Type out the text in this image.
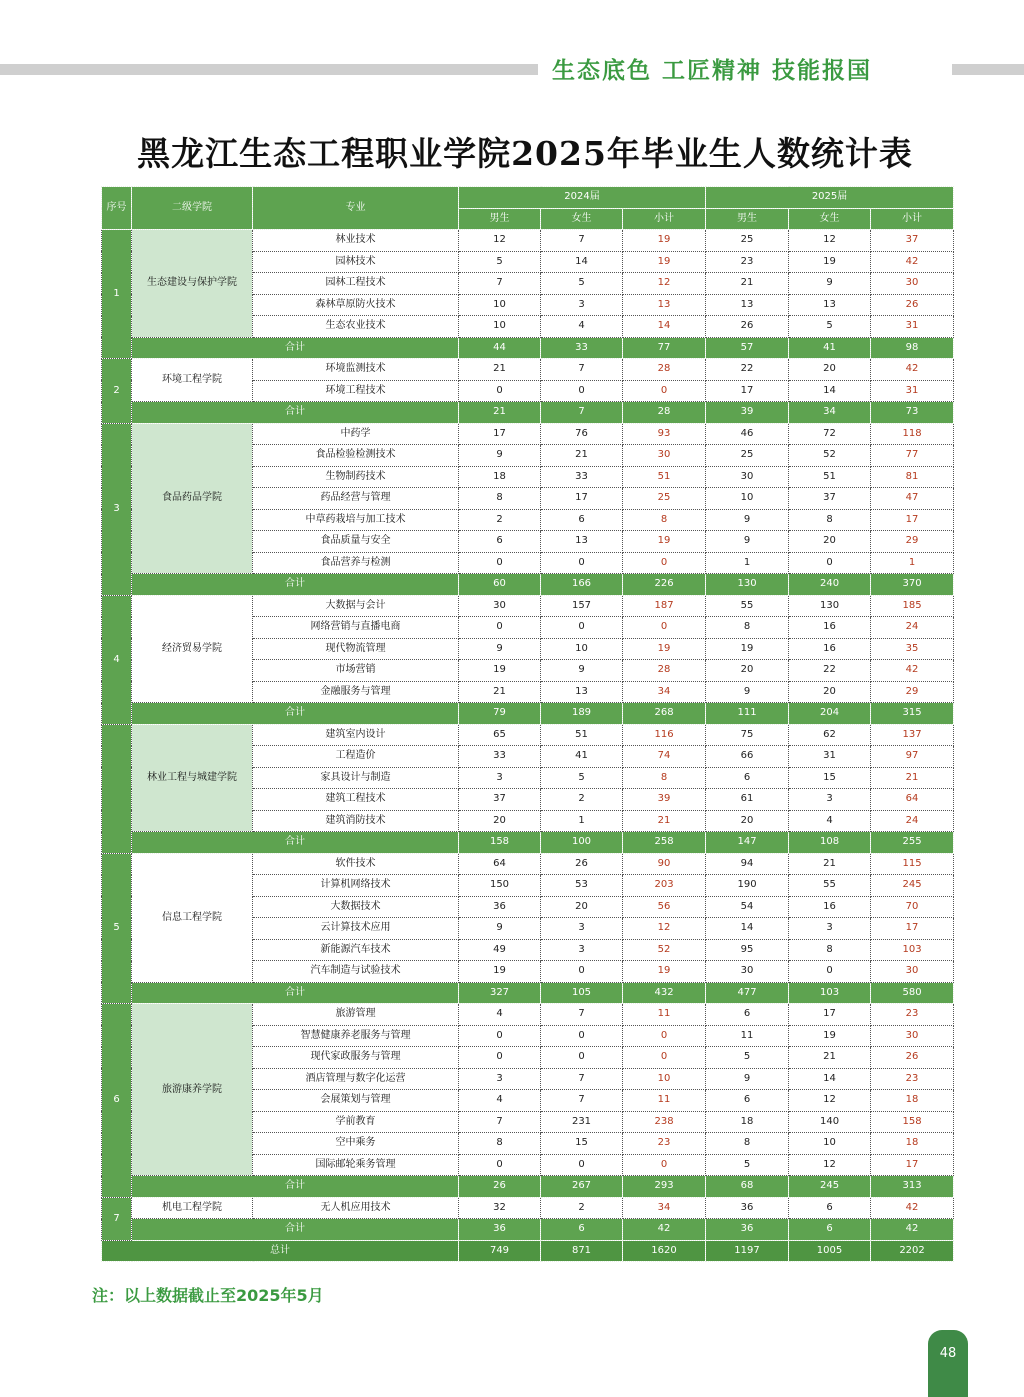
生态底色 工匠精神 技能报国
黑龙江生态工程职业学院2025年毕业生人数统计表
序号	二级学院	专业	2024届			2025届		
			男生	女生	小计	男生	女生	小计
1	生态建设与保护学院	林业技术	12	7	19	25	12	37
		园林技术	5	14	19	23	19	42
		园林工程技术	7	5	12	21	9	30
		森林草原防火技术	10	3	13	13	13	26
		生态农业技术	10	4	14	26	5	31
	合计		44	33	77	57	41	98
2	环境工程学院	环境监测技术	21	7	28	22	20	42
		环境工程技术	0	0	0	17	14	31
	合计		21	7	28	39	34	73
3	食品药品学院	中药学	17	76	93	46	72	118
		食品检验检测技术	9	21	30	25	52	77
		生物制药技术	18	33	51	30	51	81
		药品经营与管理	8	17	25	10	37	47
		中草药栽培与加工技术	2	6	8	9	8	17
		食品质量与安全	6	13	19	9	20	29
		食品营养与检测	0	0	0	1	0	1
	合计		60	166	226	130	240	370
4	经济贸易学院	大数据与会计	30	157	187	55	130	185
		网络营销与直播电商	0	0	0	8	16	24
		现代物流管理	9	10	19	19	16	35
		市场营销	19	9	28	20	22	42
		金融服务与管理	21	13	34	9	20	29
	合计		79	189	268	111	204	315
	林业工程与城建学院	建筑室内设计	65	51	116	75	62	137
		工程造价	33	41	74	66	31	97
		家具设计与制造	3	5	8	6	15	21
		建筑工程技术	37	2	39	61	3	64
		建筑消防技术	20	1	21	20	4	24
	合计		158	100	258	147	108	255
5	信息工程学院	软件技术	64	26	90	94	21	115
		计算机网络技术	150	53	203	190	55	245
		大数据技术	36	20	56	54	16	70
		云计算技术应用	9	3	12	14	3	17
		新能源汽车技术	49	3	52	95	8	103
		汽车制造与试验技术	19	0	19	30	0	30
	合计		327	105	432	477	103	580
6	旅游康养学院	旅游管理	4	7	11	6	17	23
		智慧健康养老服务与管理	0	0	0	11	19	30
		现代家政服务与管理	0	0	0	5	21	26
		酒店管理与数字化运营	3	7	10	9	14	23
		会展策划与管理	4	7	11	6	12	18
		学前教育	7	231	238	18	140	158
		空中乘务	8	15	23	8	10	18
		国际邮轮乘务管理	0	0	0	5	12	17
	合计		26	267	293	68	245	313
7	机电工程学院	无人机应用技术	32	2	34	36	6	42
	合计		36	6	42	36	6	42
总计			749	871	1620	1197	1005	2202
注：以上数据截止至2025年5月
48
